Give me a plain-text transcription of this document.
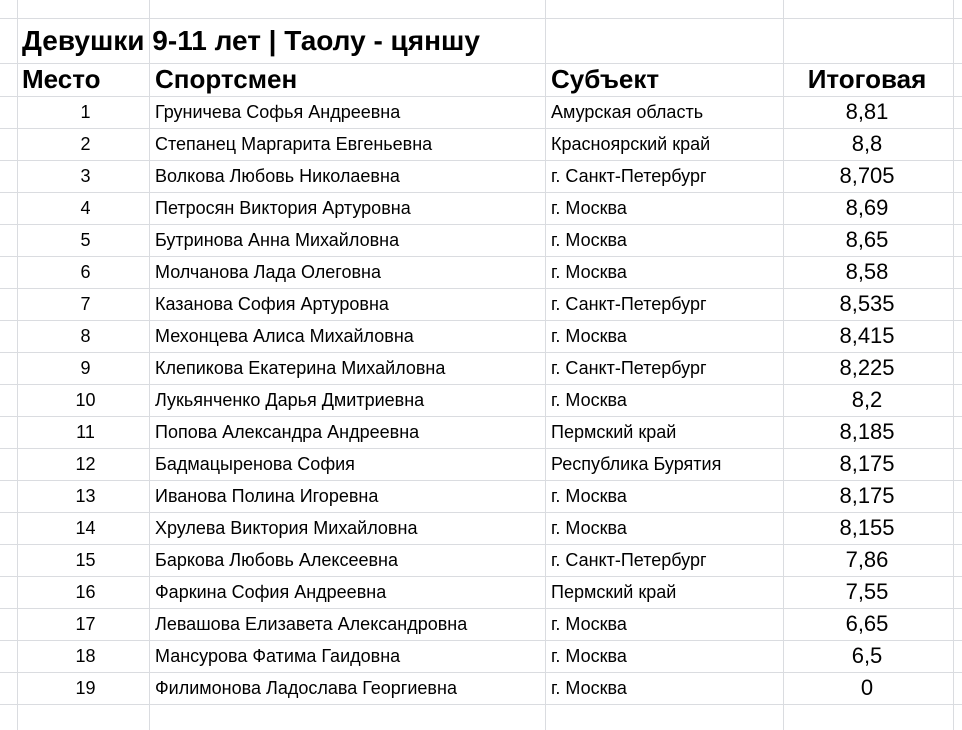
Девушки 9-11 лет | Таолу - цяншу
Место	Спортсмен	Субъект	Итоговая
1	Груничева Софья Андреевна	Амурская область	8,81
2	Степанец Маргарита Евгеньевна	Красноярский край	8,8
3	Волкова Любовь Николаевна	г. Санкт-Петербург	8,705
4	Петросян Виктория Артуровна	г. Москва	8,69
5	Бутринова Анна Михайловна	г. Москва	8,65
6	Молчанова Лада Олеговна	г. Москва	8,58
7	Казанова София Артуровна	г. Санкт-Петербург	8,535
8	Мехонцева Алиса Михайловна	г. Москва	8,415
9	Клепикова Екатерина Михайловна	г. Санкт-Петербург	8,225
10	Лукьянченко Дарья Дмитриевна	г. Москва	8,2
11	Попова Александра Андреевна	Пермский край	8,185
12	Бадмацыренова София	Республика Бурятия	8,175
13	Иванова Полина Игоревна	г. Москва	8,175
14	Хрулева Виктория Михайловна	г. Москва	8,155
15	Баркова Любовь Алексеевна	г. Санкт-Петербург	7,86
16	Фаркина София Андреевна	Пермский край	7,55
17	Левашова Елизавета Александровна	г. Москва	6,65
18	Мансурова Фатима Гаидовна	г. Москва	6,5
19	Филимонова Ладослава Георгиевна	г. Москва	0
